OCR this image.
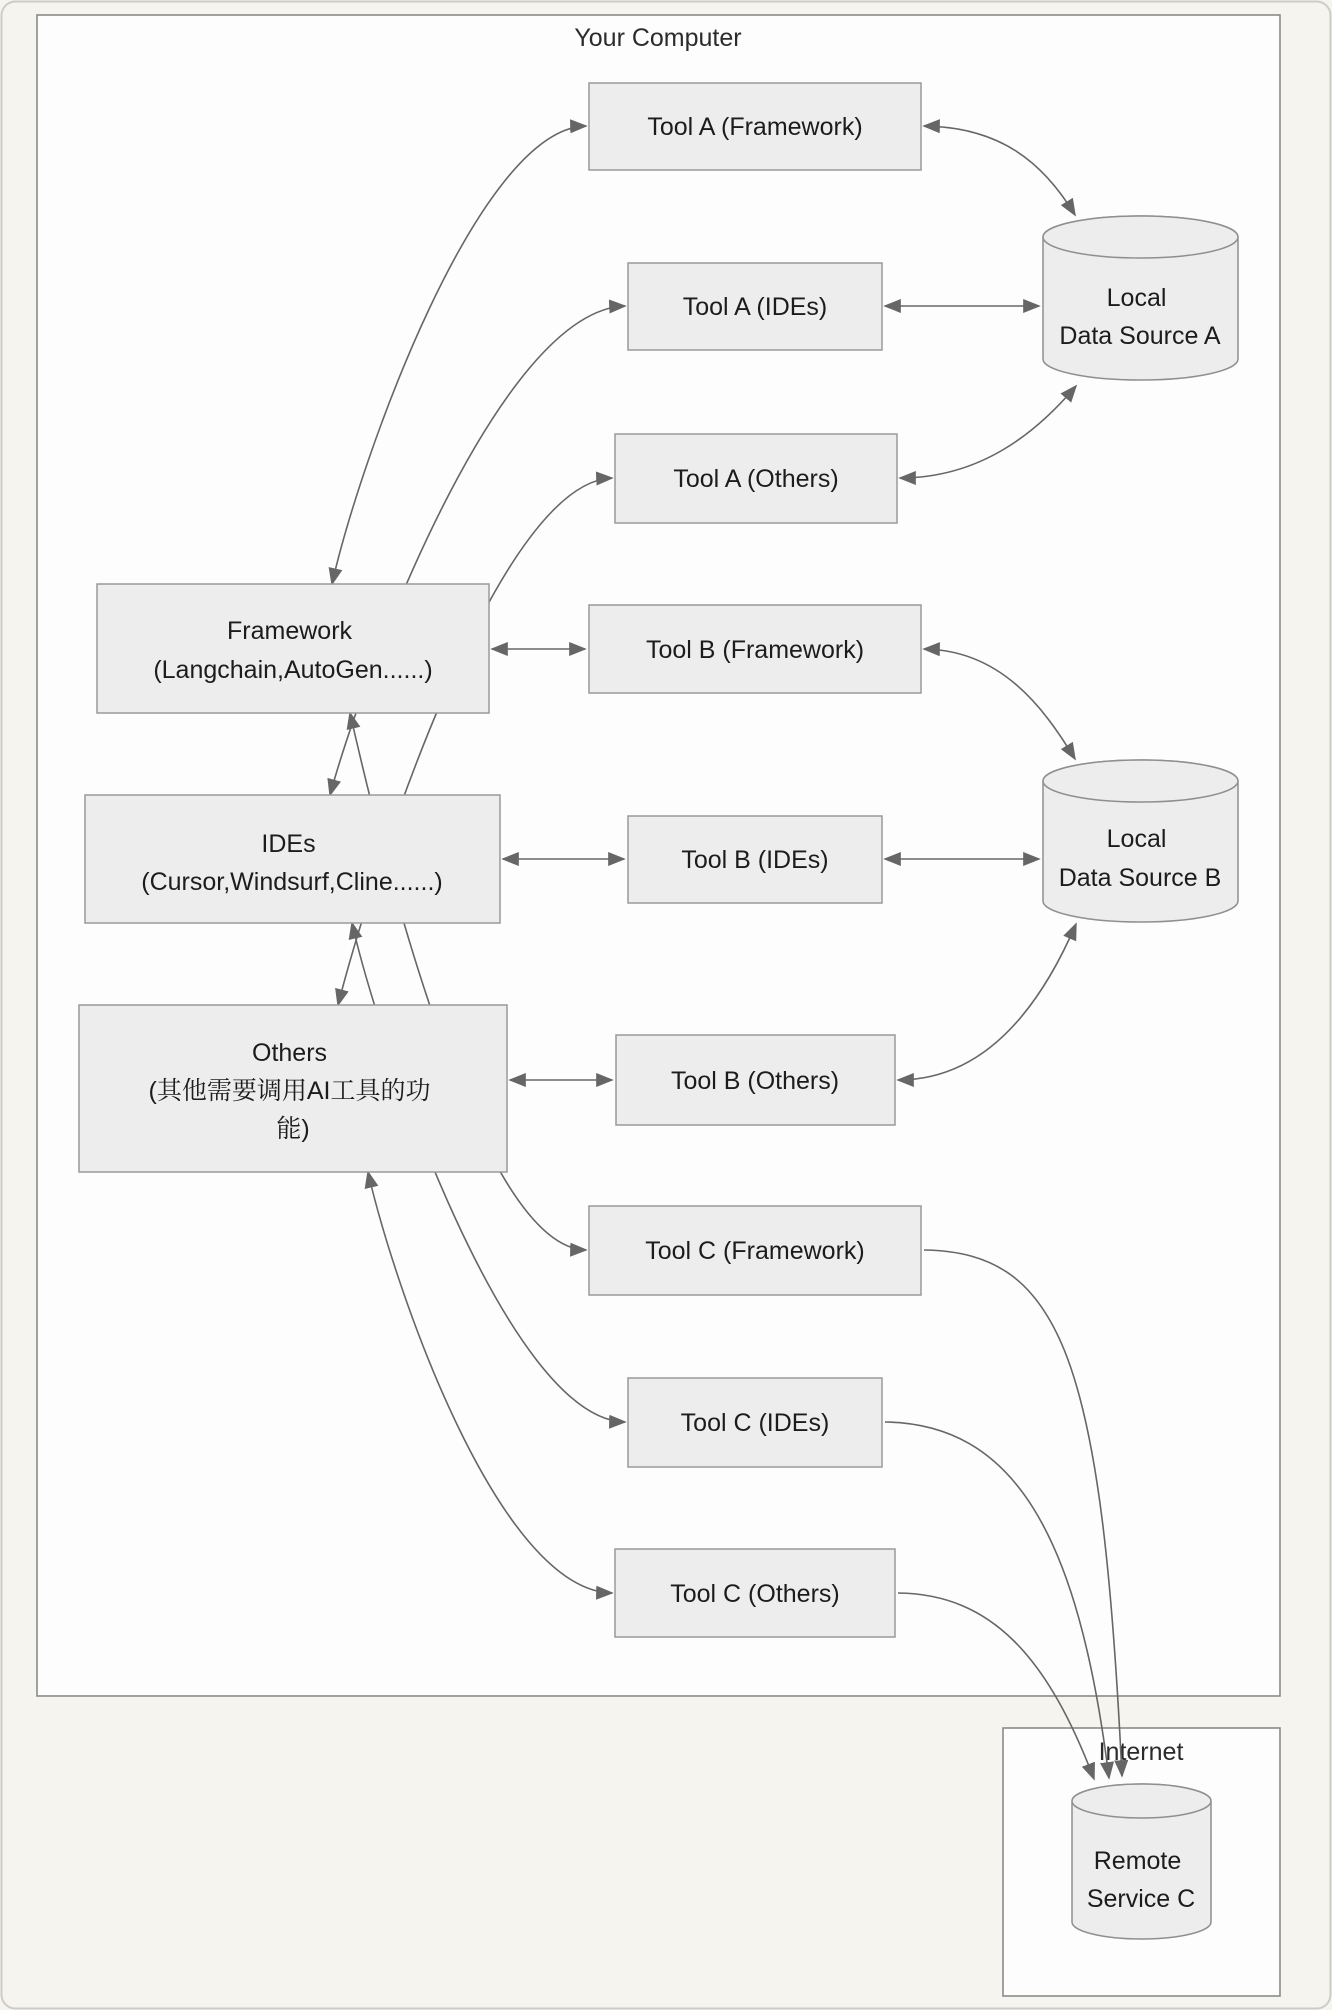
Your Computer
Internet
Framework (Langchain,AutoGen......)
IDEs (Cursor,Windsurf,Cline......)
Others (其他需要调用AI工具的功 能)
Tool A (Framework)
Tool A (IDEs)
Tool A (Others)
Tool B (Framework)
Tool B (IDEs)
Tool B (Others)
Tool C (Framework)
Tool C (IDEs)
Tool C (Others)
Local Data Source A
Local Data Source B
Remote Service C
